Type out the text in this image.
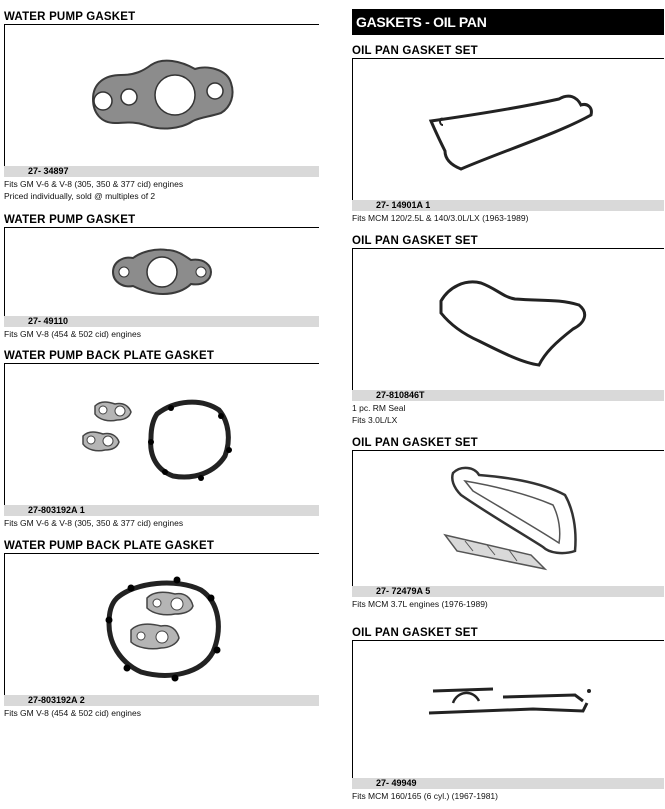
WATER PUMP GASKET
27- 34897
Fits GM V-6 & V-8 (305, 350 & 377 cid) engines
Priced individually, sold @ multiples of 2
WATER PUMP GASKET
27- 49110
Fits GM V-8 (454 & 502 cid) engines
WATER PUMP BACK PLATE GASKET
27-803192A 1
Fits GM V-6 & V-8 (305, 350 & 377 cid) engines
WATER PUMP BACK PLATE GASKET
27-803192A 2
Fits GM V-8 (454 & 502 cid) engines
GASKETS - OIL PAN
OIL PAN GASKET SET
27- 14901A 1
Fits MCM 120/2.5L & 140/3.0L/LX (1963-1989)
OIL PAN GASKET SET
27-810846T
1 pc. RM Seal
Fits 3.0L/LX
OIL PAN GASKET SET
27- 72479A 5
Fits MCM 3.7L engines (1976-1989)
OIL PAN GASKET SET
27- 49949
Fits MCM 160/165 (6 cyl.) (1967-1981)
